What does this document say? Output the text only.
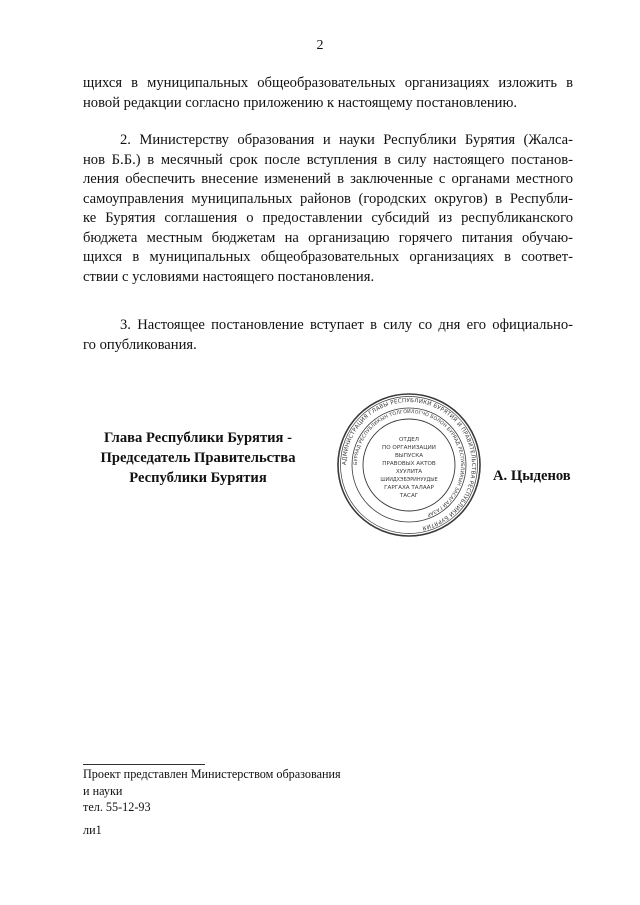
2

щихся в муниципальных общеобразовательных организациях изложить в
новой редакции согласно приложению к настоящему постановлению.

2. Министерству образования и науки Республики Бурятия (Жалса-
нов Б.Б.) в месячный срок после вступления в силу настоящего постанов-
ления обеспечить внесение изменений в заключенные с органами местного
самоуправления муниципальных районов (городских округов) в Республи-
ке Бурятия соглашения о предоставлении субсидий из республиканского
бюджета местным бюджетам на организацию горячего питания обучаю-
щихся в муниципальных общеобразовательных организациях в соответ-
ствии с условиями настоящего постановления.

3. Настоящее постановление вступает в силу со дня его официально-
го опубликования.

Глава Республики Бурятия -
Председатель Правительства
Республики Бурятия
АДМИНИСТРАЦИЯ ГЛАВЫ РЕСПУБЛИКИ БУРЯТИЯ И ПРАВИТЕЛЬСТВА РЕСПУБЛИКИ БУРЯТИЯ
БУРЯАД РЕСПУБЛИКЫН ТОЛГОЙЛОГЧО БОЛОН БУРЯАД РЕСПУБЛИКЫН ЗАСАГАЙ ГАЗАР
ОТДЕЛ
ПО ОРГАНИЗАЦИИ
ВЫПУСКА
ПРАВОВЫХ АКТОВ
ХУУЛИТА
ШИИДХЭБЭРИНУУДЫЕ
ГАРГАХА ТАЛААР
ТАСАГ
А. Цыденов
Проект представлен Министерством образования
и науки
тел. 55-12-93
ли1
